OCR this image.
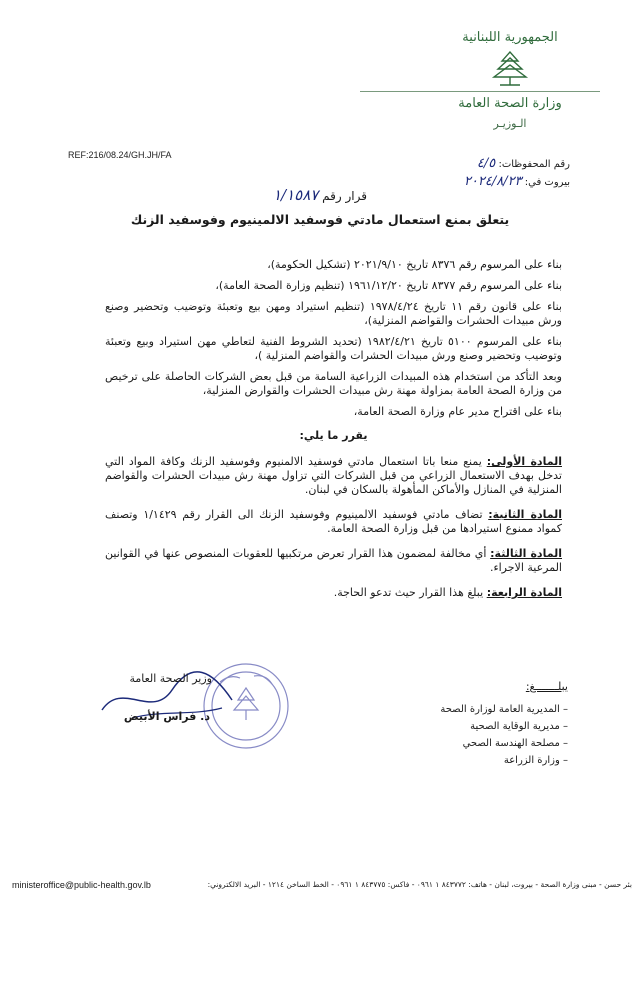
الجمهورية اللبنانية
وزارة الصحة العامة
الـوزيـر
REF:216/08.24/GH.JH/FA
رقم المحفوظات: ٤/٥
بيروت في: ٢٠٢٤/٨/٢٣
قرار رقم ١/١٥٨٧
يتعلق بمنع استعمال مادتي فوسفيد الالمينيوم وفوسفيد الزنك

بناء على المرسوم رقم ٨٣٧٦ تاريخ ٢٠٢١/٩/١٠ (تشكيل الحكومة)،

بناء على المرسوم رقم ٨٣٧٧ تاريخ ١٩٦١/١٢/٢٠ (تنظيم وزارة الصحة العامة)،

بناء على قانون رقم ١١ تاريخ ١٩٧٨/٤/٢٤ (تنظيم استيراد ومهن بيع وتعبئة وتوضيب وتحضير وصنع ورش مبيدات الحشرات والقواضم المنزلية)،

بناء على المرسوم ٥١٠٠ تاريخ ١٩٨٢/٤/٢١ (تحديد الشروط الفنية لتعاطي مهن استيراد وبيع وتعبئة وتوضيب وتحضير وصنع ورش مبيدات الحشرات والقواضم المنزلية )،

وبعد التأكد من استخدام هذه المبيدات الزراعية السامة من قبل بعض الشركات الحاصلة على ترخيص من وزارة الصحة العامة بمزاولة مهنة رش مبيدات الحشرات والقوارض المنزلية،

بناء على اقتراح مدير عام وزارة الصحة العامة،

يقرر ما يلي:

المادة الأولى: يمنع منعا باتا استعمال مادتي فوسفيد الالمنيوم وفوسفيد الزنك وكافة المواد التي تدخل بهدف الاستعمال الزراعي من قبل الشركات التي تزاول مهنة رش مبيدات الحشرات والقواضم المنزلية في المنازل والأماكن المأهولة بالسكان في لبنان.

المادة الثانية: تضاف مادتي فوسفيد الالمينيوم وفوسفيد الزنك الى القرار رقم ١/١٤٢٩ وتصنف كمواد ممنوع استيرادها من قبل وزارة الصحة العامة.

المادة الثالثة: أي مخالفة لمضمون هذا القرار تعرض مرتكبيها للعقوبات المنصوص عنها في القوانين المرعية الاجراء.

المادة الرابعة: يبلغ هذا القرار حيث تدعو الحاجة.

وزير الصحة العامة
د. فراس الأبيض
يبلـــــــغ:
– المديرية العامة لوزارة الصحة
– مديرية الوقاية الصحية
– مصلحة الهندسة الصحي
– وزارة الزراعة
ministeroffice@public-health.gov.lb	بئر حسن - مبنى وزارة الصحة - بيروت، لبنان - هاتف: ٨٤٣٧٧٢ ١ ٠٩٦١ - فاكس: ٨٤٣٧٧٥ ١ ٠٩٦١ - الخط الساخن ١٢١٤ - البريد الالكتروني:
